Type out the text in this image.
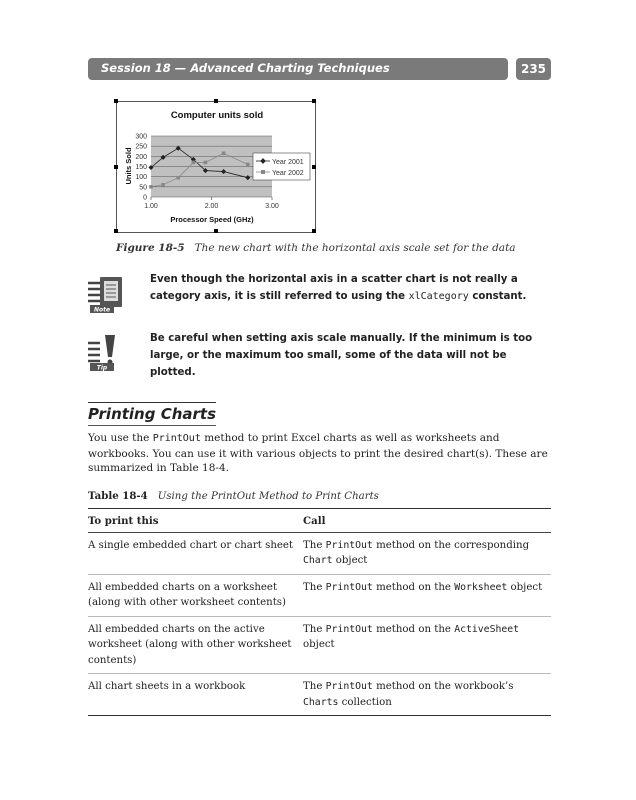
Session 18 — Advanced Charting Techniques	235
0
50
100
150
200
250
300
1.00	2.00	3.00
Computer units sold
Processor Speed (GHz)
Units Sold	Year 2001
Year 2002
Figure 18-5 The new chart with the horizontal axis scale set for the data
Note
Even though the horizontal axis in a scatter chart is not really a category axis, it is still referred to using the xlCategory constant.
Tip
Be careful when setting axis scale manually. If the minimum is too large, or the maximum too small, some of the data will not be plotted.
Printing Charts
You use the PrintOut method to print Excel charts as well as worksheets and workbooks. You can use it with various objects to print the desired chart(s). These are summarized in Table 18-4.
Table 18-4 Using the PrintOut Method to Print Charts
To print this	Call
A single embedded chart or chart sheet	The PrintOut method on the corresponding Chart object
All embedded charts on a worksheet (along with other worksheet contents)	The PrintOut method on the Worksheet object
All embedded charts on the active worksheet (along with other worksheet contents)	The PrintOut method on the ActiveSheet object
All chart sheets in a workbook	The PrintOut method on the workbook’s Charts collection
